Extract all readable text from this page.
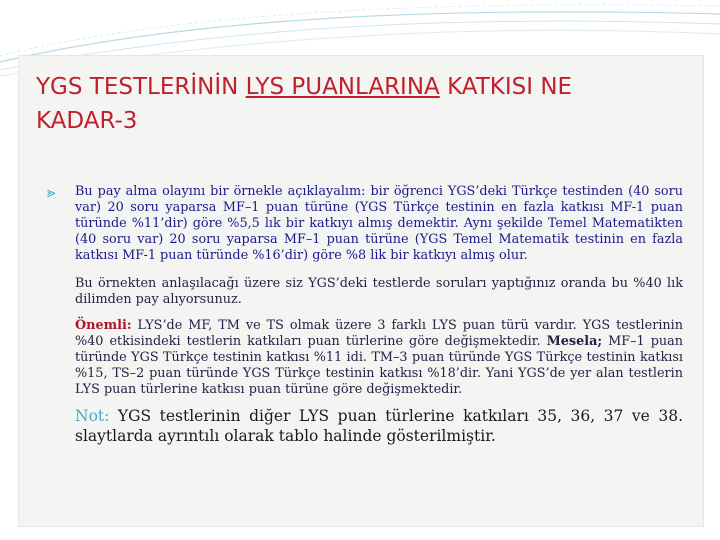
YGS TESTLERİNİN LYS PUANLARINA KATKISI NE
KADAR-3
⪢ Bu pay alma olayını bir örnekle açıklayalım: bir öğrenci YGS’deki Türkçe testinden (40 soru var) 20 soru yaparsa MF–1 puan türüne (YGS Türkçe testinin en fazla katkısı MF-1 puan türünde %11’dir) göre %5,5 lık bir katkıyı almış demektir. Aynı şekilde Temel Matematikten (40 soru var) 20 soru yaparsa MF–1 puan türüne (YGS Temel Matematik testinin en fazla katkısı MF-1 puan türünde %16’dir) göre %8 lik bir katkıyı almış olur.

Bu örnekten anlaşılacağı üzere siz YGS’deki testlerde soruları yaptığınız oranda bu %40 lık dilimden pay alıyorsunuz.

Önemli: LYS’de MF, TM ve TS olmak üzere 3 farklı LYS puan türü vardır. YGS testlerinin %40 etkisindeki testlerin katkıları puan türlerine göre değişmektedir. Mesela; MF–1 puan türünde YGS Türkçe testinin katkısı %11 idi. TM–3 puan türünde YGS Türkçe testinin katkısı %15, TS–2 puan türünde YGS Türkçe testinin katkısı %18’dir. Yani YGS’de yer alan testlerin LYS puan türlerine katkısı puan türüne göre değişmektedir.

Not: YGS testlerinin diğer LYS puan türlerine katkıları 35, 36, 37 ve 38. slaytlarda ayrıntılı olarak tablo halinde gösterilmiştir.
